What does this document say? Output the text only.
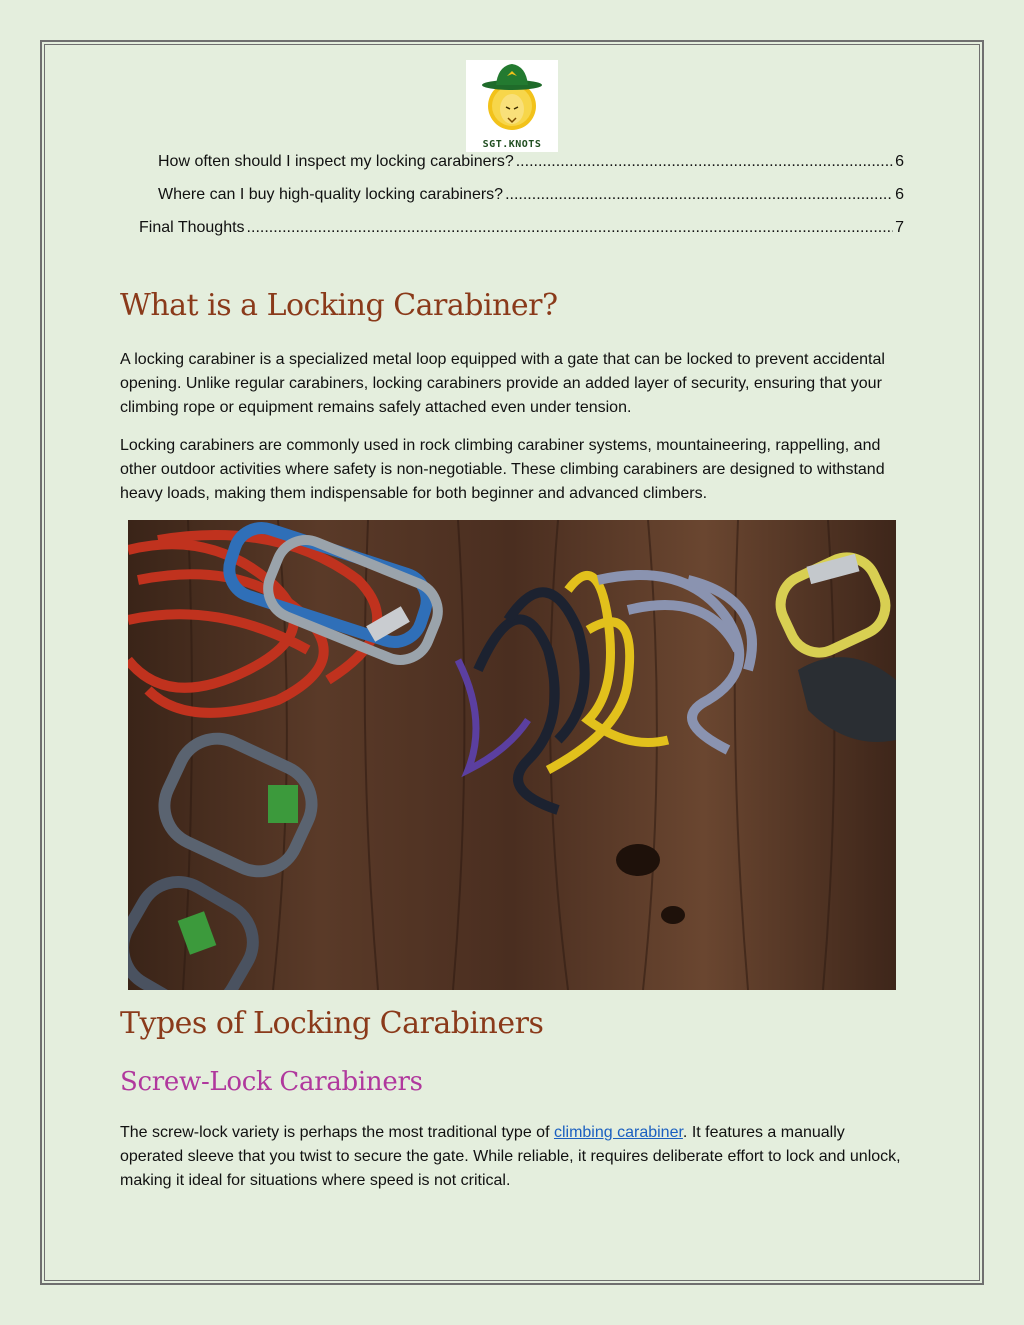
SGT.KNOTS
How often should I inspect my locking carabiners? .....	6
Where can I buy high-quality locking carabiners? .....	6
Final Thoughts .....	7
What is a Locking Carabiner?

A locking carabiner is a specialized metal loop equipped with a gate that can be locked to prevent accidental opening. Unlike regular carabiners, locking carabiners provide an added layer of security, ensuring that your climbing rope or equipment remains safely attached even under tension.

Locking carabiners are commonly used in rock climbing carabiner systems, mountaineering, rappelling, and other outdoor activities where safety is non-negotiable. These climbing carabiners are designed to withstand heavy loads, making them indispensable for both beginner and advanced climbers.

Types of Locking Carabiners
Screw-Lock Carabiners

The screw-lock variety is perhaps the most traditional type of climbing carabiner. It features a manually operated sleeve that you twist to secure the gate. While reliable, it requires deliberate effort to lock and unlock, making it ideal for situations where speed is not critical.
